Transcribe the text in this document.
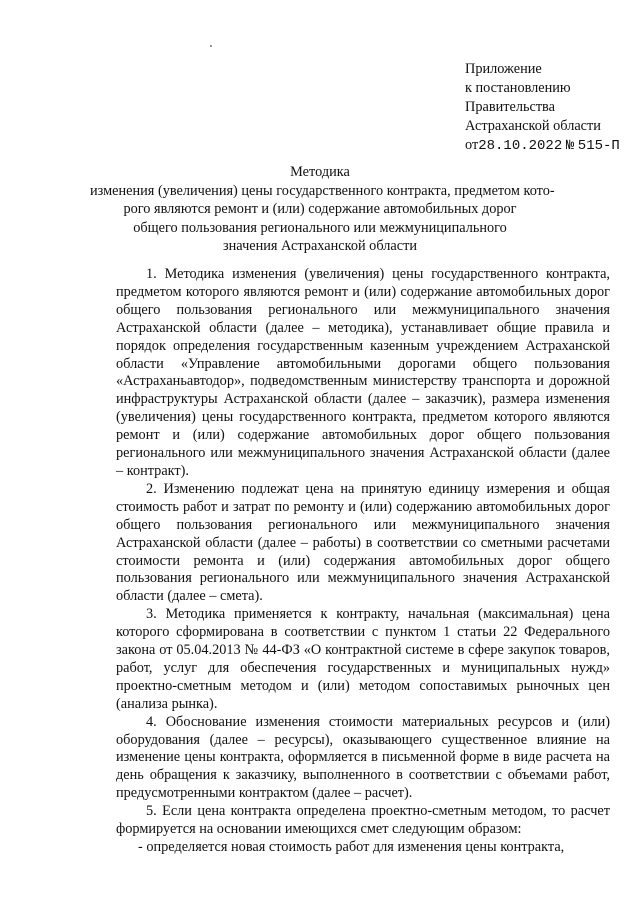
Приложение
к постановлению
Правительства
Астраханской области
от28.10.2022 № 515-П
Методика
изменения (увеличения) цены государственного контракта, предметом кото-
рого являются ремонт и (или) содержание автомобильных дорог
общего пользования регионального или межмуниципального
значения Астраханской области

1. Методика изменения (увеличения) цены государственного контракта, предметом которого являются ремонт и (или) содержание автомобильных дорог общего пользования регионального или межмуниципального значения Астраханской области (далее – методика), устанавливает общие правила и порядок определения государственным казенным учреждением Астраханской области «Управление автомобильными дорогами общего пользования «Астраханьавтодор», подведомственным министерству транспорта и дорожной инфраструктуры Астраханской области (далее – заказчик), размера изменения (увеличения) цены государственного контракта, предметом которого являются ремонт и (или) содержание автомобильных дорог общего пользования регионального или межмуниципального значения Астраханской области (далее – контракт).

2. Изменению подлежат цена на принятую единицу измерения и общая стоимость работ и затрат по ремонту и (или) содержанию автомобильных дорог общего пользования регионального или межмуниципального значения Астраханской области (далее – работы) в соответствии со сметными расчетами стоимости ремонта и (или) содержания автомобильных дорог общего пользования регионального или межмуниципального значения Астраханской области (далее – смета).

3. Методика применяется к контракту, начальная (максимальная) цена которого сформирована в соответствии с пунктом 1 статьи 22 Федерального закона от 05.04.2013 № 44-ФЗ «О контрактной системе в сфере закупок товаров, работ, услуг для обеспечения государственных и муниципальных нужд» проектно-сметным методом и (или) методом сопоставимых рыночных цен (анализа рынка).

4. Обоснование изменения стоимости материальных ресурсов и (или) оборудования (далее – ресурсы), оказывающего существенное влияние на изменение цены контракта, оформляется в письменной форме в виде расчета на день обращения к заказчику, выполненного в соответствии с объемами работ, предусмотренными контрактом (далее – расчет).

5. Если цена контракта определена проектно-сметным методом, то расчет формируется на основании имеющихся смет следующим образом:

- определяется новая стоимость работ для изменения цены контракта,
